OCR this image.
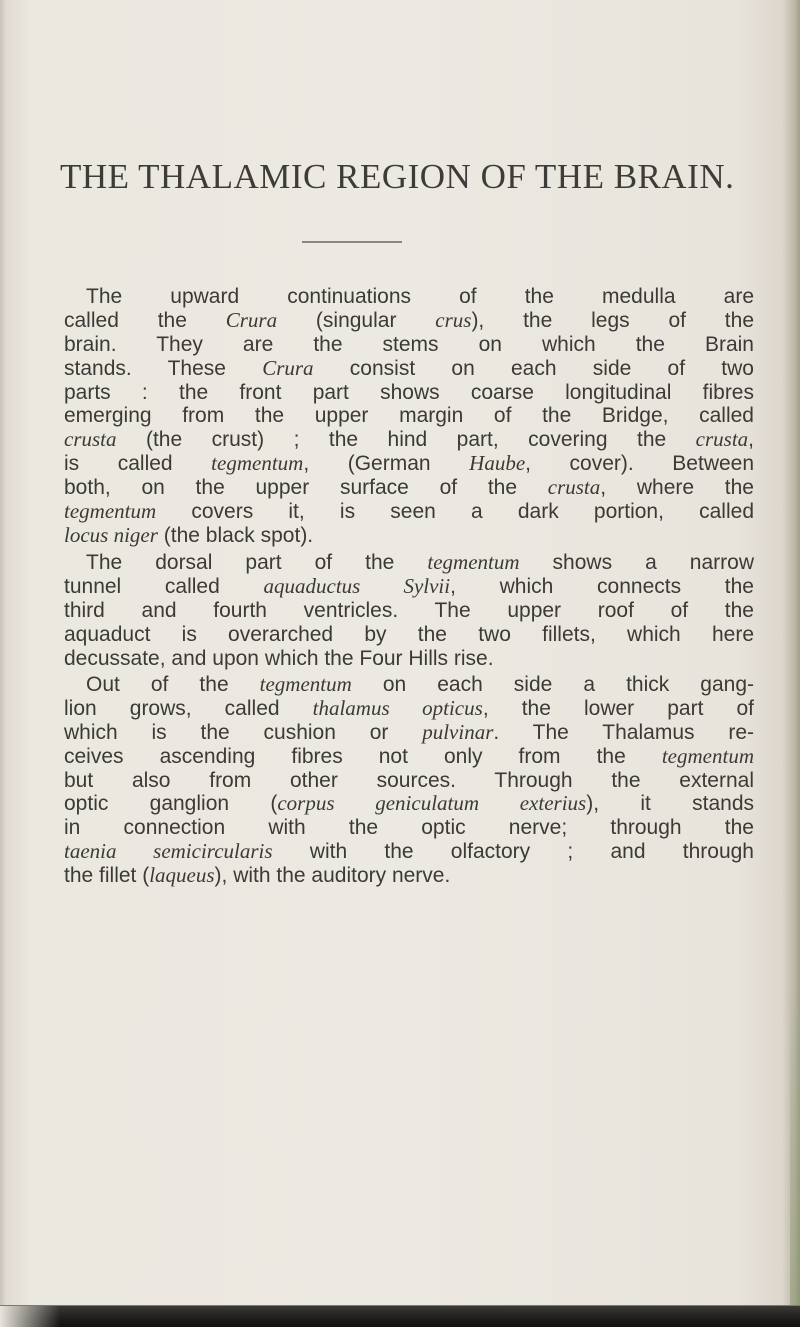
THE THALAMIC REGION OF THE BRAIN.
The upward continuations of the medulla are
called the Crura (singular crus), the legs of the
brain. They are the stems on which the Brain
stands. These Crura consist on each side of two
parts : the front part shows coarse longitudinal fibres
emerging from the upper margin of the Bridge, called
crusta (the crust) ; the hind part, covering the crusta,
is called tegmentum, (German Haube, cover). Between
both, on the upper surface of the crusta, where the
tegmentum covers it, is seen a dark portion, called
locus niger (the black spot).
The dorsal part of the tegmentum shows a narrow
tunnel called aquaductus Sylvii, which connects the
third and fourth ventricles. The upper roof of the
aquaduct is overarched by the two fillets, which here
decussate, and upon which the Four Hills rise.
Out of the tegmentum on each side a thick gang-
lion grows, called thalamus opticus, the lower part of
which is the cushion or pulvinar. The Thalamus re-
ceives ascending fibres not only from the tegmentum
but also from other sources. Through the external
optic ganglion (corpus geniculatum exterius), it stands
in connection with the optic nerve; through the
taenia semicircularis with the olfactory ; and through
the fillet (laqueus), with the auditory nerve.
